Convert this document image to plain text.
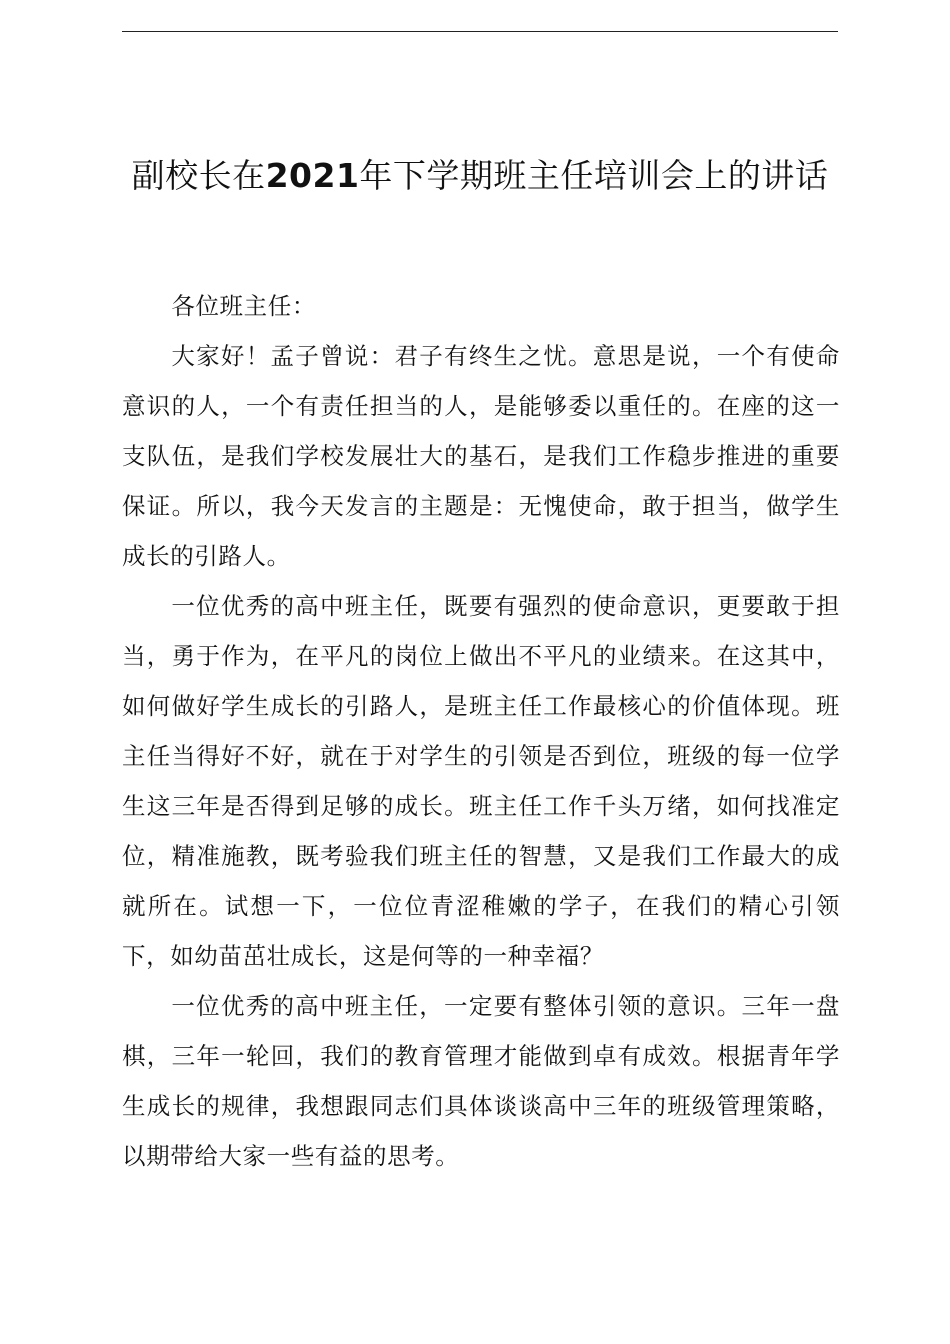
副校长在2021年下学期班主任培训会上的讲话

各位班主任：

大家好！孟子曾说：君子有终生之忧。意思是说，一个有使命意识的人，一个有责任担当的人，是能够委以重任的。在座的这一支队伍，是我们学校发展壮大的基石，是我们工作稳步推进的重要保证。所以，我今天发言的主题是：无愧使命，敢于担当，做学生成长的引路人。

一位优秀的高中班主任，既要有强烈的使命意识，更要敢于担当，勇于作为，在平凡的岗位上做出不平凡的业绩来。在这其中，如何做好学生成长的引路人，是班主任工作最核心的价值体现。班主任当得好不好，就在于对学生的引领是否到位，班级的每一位学生这三年是否得到足够的成长。班主任工作千头万绪，如何找准定位，精准施教，既考验我们班主任的智慧，又是我们工作最大的成就所在。试想一下，一位位青涩稚嫩的学子，在我们的精心引领下，如幼苗茁壮成长，这是何等的一种幸福？

一位优秀的高中班主任，一定要有整体引领的意识。三年一盘棋，三年一轮回，我们的教育管理才能做到卓有成效。根据青年学生成长的规律，我想跟同志们具体谈谈高中三年的班级管理策略，以期带给大家一些有益的思考。
